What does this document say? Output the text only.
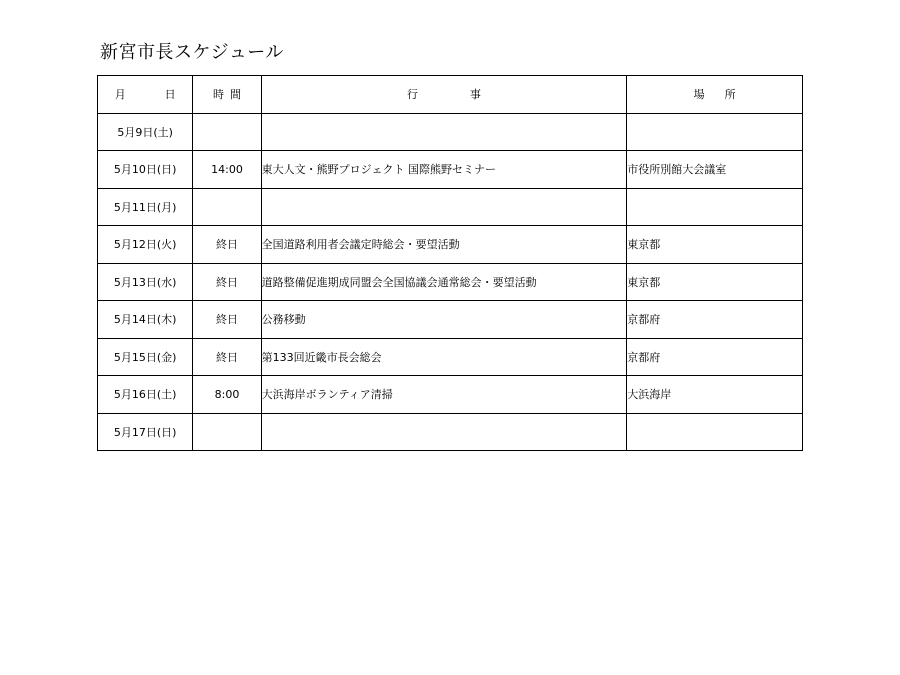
新宮市長スケジュール
月　日	時間	行事	場所
5月9日(土)			
5月10日(日)	14:00	東大人文・熊野プロジェクト 国際熊野セミナー	市役所別館大会議室
5月11日(月)			
5月12日(火)	終日	全国道路利用者会議定時総会・要望活動	東京都
5月13日(水)	終日	道路整備促進期成同盟会全国協議会通常総会・要望活動	東京都
5月14日(木)	終日	公務移動	京都府
5月15日(金)	終日	第133回近畿市長会総会	京都府
5月16日(土)	8:00	大浜海岸ボランティア清掃	大浜海岸
5月17日(日)			
